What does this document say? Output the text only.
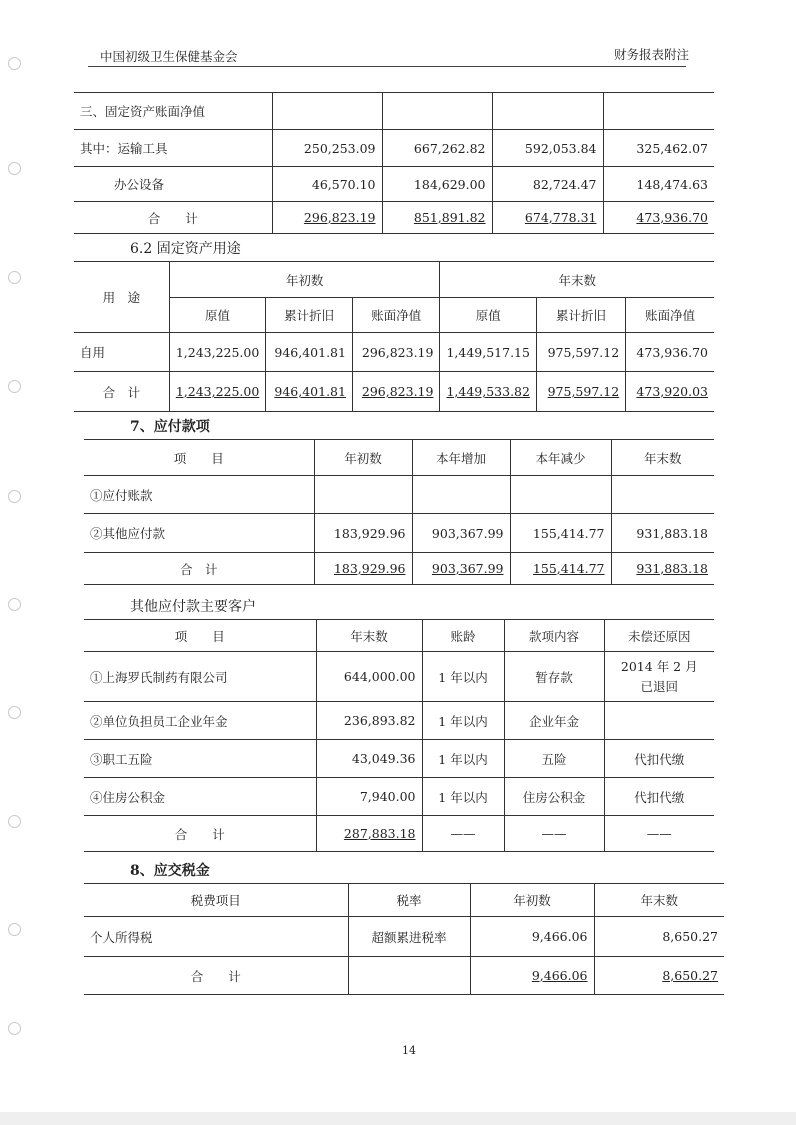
中国初级卫生保健基金会	财务报表附注
三、固定资产账面净值				
其中：运输工具	250,253.09	667,262.82	592,053.84	325,462.07
办公设备	46,570.10	184,629.00	82,724.47	148,474.63
合　　计	296,823.19	851,891.82	674,778.31	473,936.70
6.2 固定资产用途
用　途	年初数			年末数		
	原值	累计折旧	账面净值	原值	累计折旧	账面净值
自用	1,243,225.00	946,401.81	296,823.19	1,449,517.15	975,597.12	473,936.70
合　计	1,243,225.00	946,401.81	296,823.19	1,449,533.82	975,597.12	473,920.03
7、应付款项
项　　目	年初数	本年增加	本年减少	年末数
①应付账款				
②其他应付款	183,929.96	903,367.99	155,414.77	931,883.18
合　计	183,929.96	903,367.99	155,414.77	931,883.18
其他应付款主要客户
项　　目	年末数	账龄	款项内容	未偿还原因
①上海罗氏制药有限公司	644,000.00	1 年以内	暂存款	2014 年 2 月
已退回
②单位负担员工企业年金	236,893.82	1 年以内	企业年金	
③职工五险	43,049.36	1 年以内	五险	代扣代缴
④住房公积金	7,940.00	1 年以内	住房公积金	代扣代缴
合　　计	287,883.18	——	——	——
8、应交税金
税费项目	税率	年初数	年末数
个人所得税	超额累进税率	9,466.06	8,650.27
合　　计		9,466.06	8,650.27
14
